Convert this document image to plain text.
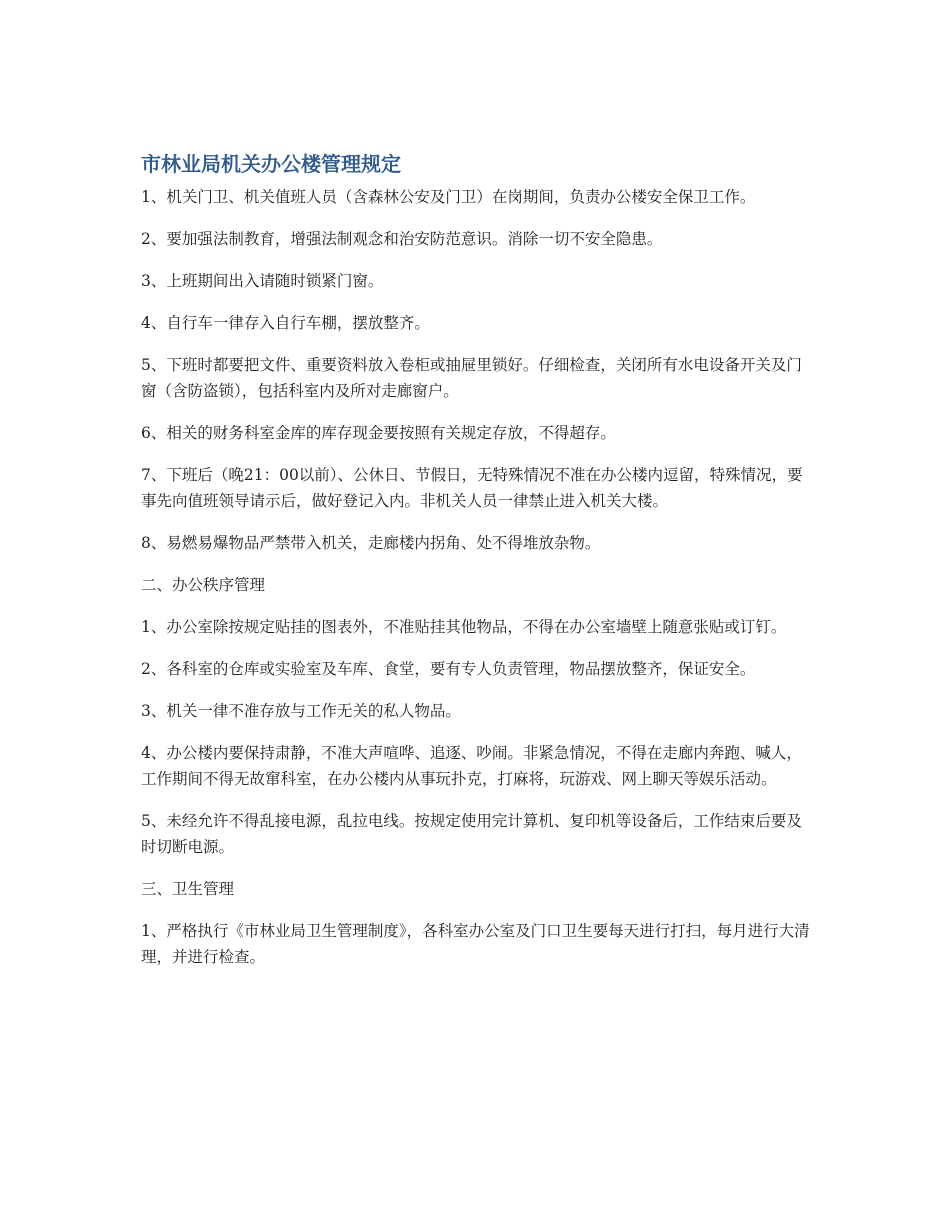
市林业局机关办公楼管理规定

1、机关门卫、机关值班人员（含森林公安及门卫）在岗期间，负责办公楼安全保卫工作。

2、要加强法制教育，增强法制观念和治安防范意识。消除一切不安全隐患。

3、上班期间出入请随时锁紧门窗。

4、自行车一律存入自行车棚，摆放整齐。

5、下班时都要把文件、重要资料放入卷柜或抽屉里锁好。仔细检查，关闭所有水电设备开关及门窗（含防盗锁），包括科室内及所对走廊窗户。

6、相关的财务科室金库的库存现金要按照有关规定存放，不得超存。

7、下班后（晚21：00以前）、公休日、节假日，无特殊情况不准在办公楼内逗留，特殊情况，要事先向值班领导请示后，做好登记入内。非机关人员一律禁止进入机关大楼。

8、易燃易爆物品严禁带入机关，走廊楼内拐角、处不得堆放杂物。

二、办公秩序管理

1、办公室除按规定贴挂的图表外，不准贴挂其他物品，不得在办公室墙壁上随意张贴或订钉。

2、各科室的仓库或实验室及车库、食堂，要有专人负责管理，物品摆放整齐，保证安全。

3、机关一律不准存放与工作无关的私人物品。

4、办公楼内要保持肃静，不准大声喧哗、追逐、吵闹。非紧急情况，不得在走廊内奔跑、喊人，工作期间不得无故窜科室，在办公楼内从事玩扑克，打麻将，玩游戏、网上聊天等娱乐活动。

5、未经允许不得乱接电源，乱拉电线。按规定使用完计算机、复印机等设备后，工作结束后要及时切断电源。

三、卫生管理

1、严格执行《市林业局卫生管理制度》，各科室办公室及门口卫生要每天进行打扫，每月进行大清理，并进行检查。
